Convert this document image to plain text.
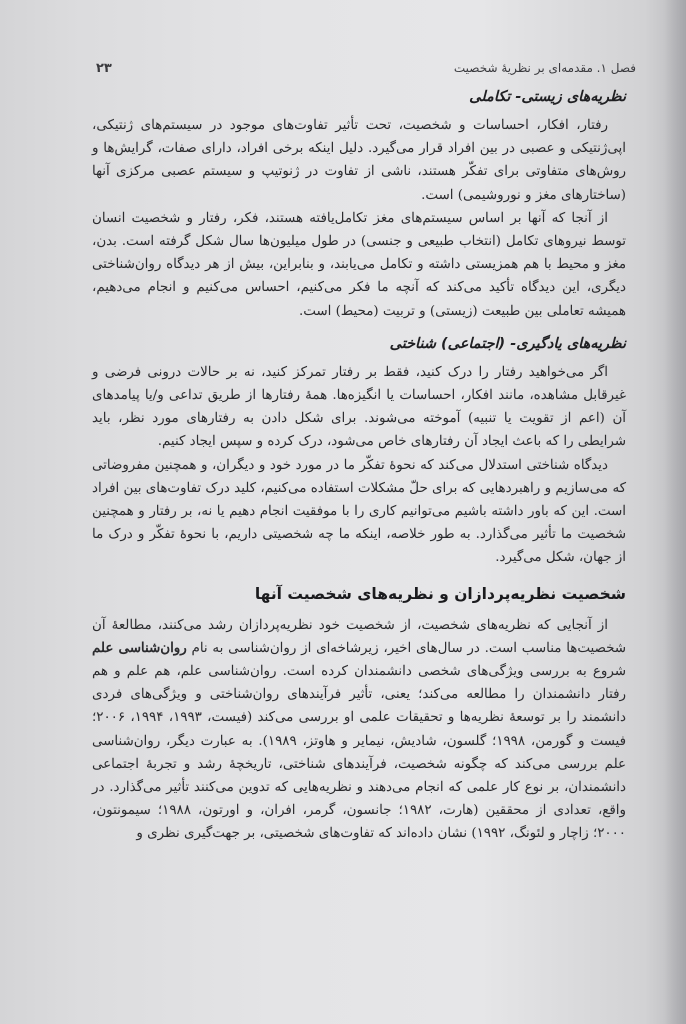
فصل ۱. مقدمه‌ای بر نظریهٔ شخصیت
۲۳
نظریه‌های زیستی- تکاملی

رفتار، افکار، احساسات و شخصیت، تحت تأثیر تفاوت‌های موجود در سیستم‌های ژنتیکی، اپی‌ژنتیکی و عصبی در بین افراد قرار می‌گیرد. دلیل اینکه برخی افراد، دارای صفات، گرایش‌ها و روش‌های متفاوتی برای تفکّر هستند، ناشی از تفاوت در ژنوتیپ و سیستم عصبی مرکزی آنها (ساختارهای مغز و نوروشیمی) است.

از آنجا که آنها بر اساس سیستم‌های مغز تکامل‌یافته هستند، فکر، رفتار و شخصیت انسان توسط نیروهای تکامل (انتخاب طبیعی و جنسی) در طول میلیون‌ها سال شکل گرفته است. بدن، مغز و محیط با هم همزیستی داشته و تکامل می‌یابند، و بنابراین، بیش از هر دیدگاه روان‌شناختی دیگری، این دیدگاه تأکید می‌کند که آنچه ما فکر می‌کنیم، احساس می‌کنیم و انجام می‌دهیم، همیشه تعاملی بین طبیعت (زیستی) و تربیت (محیط) است.

نظریه‌های یادگیری- (اجتماعی) شناختی

اگر می‌خواهید رفتار را درک کنید، فقط بر رفتار تمرکز کنید، نه بر حالات درونی فرضی و غیرقابل مشاهده، مانند افکار، احساسات یا انگیزه‌ها. همهٔ رفتارها از طریق تداعی و/یا پیامدهای آن (اعم از تقویت یا تنبیه) آموخته می‌شوند. برای شکل دادن به رفتارهای مورد نظر، باید شرایطی را که باعث ایجاد آن رفتارهای خاص می‌شود، درک کرده و سپس ایجاد کنیم.

دیدگاه شناختی استدلال می‌کند که نحوهٔ تفکّر ما در مورد خود و دیگران، و همچنین مفروضاتی که می‌سازیم و راهبردهایی که برای حلّ مشکلات استفاده می‌کنیم، کلید درک تفاوت‌های بین افراد است. این که باور داشته باشیم می‌توانیم کاری را با موفقیت انجام دهیم یا نه، بر رفتار و همچنین شخصیت ما تأثیر می‌گذارد. به طور خلاصه، اینکه ما چه شخصیتی داریم، با نحوهٔ تفکّر و درک ما از جهان، شکل می‌گیرد.

شخصیت نظریه‌پردازان و نظریه‌های شخصیت آنها

از آنجایی که نظریه‌های شخصیت، از شخصیت خود نظریه‌پردازان رشد می‌کنند، مطالعهٔ آن شخصیت‌ها مناسب است. در سال‌های اخیر، زیرشاخه‌ای از روان‌شناسی به نام روان‌شناسی علم شروع به بررسی ویژگی‌های شخصی دانشمندان کرده است. روان‌شناسی علم، هم علم و هم رفتار دانشمندان را مطالعه می‌کند؛ یعنی، تأثیر فرآیندهای روان‌شناختی و ویژگی‌های فردی دانشمند را بر توسعهٔ نظریه‌ها و تحقیقات علمی او بررسی می‌کند (فیست، ۱۹۹۳، ۱۹۹۴، ۲۰۰۶؛ فیست و گورمن، ۱۹۹۸؛ گلسون، شادیش، نیمایر و هاوتز، ۱۹۸۹). به عبارت دیگر، روان‌شناسی علم بررسی می‌کند که چگونه شخصیت، فرآیندهای شناختی، تاریخچهٔ رشد و تجربهٔ اجتماعی دانشمندان، بر نوع کار علمی که انجام می‌دهند و نظریه‌هایی که تدوین می‌کنند تأثیر می‌گذارد. در واقع، تعدادی از محققین (هارت، ۱۹۸۲؛ جانسون، گرمر، افران، و اورتون، ۱۹۸۸؛ سیمونتون، ۲۰۰۰؛ زاچار و لئونگ، ۱۹۹۲) نشان داده‌اند که تفاوت‌های شخصیتی، بر جهت‌گیری نظری و
